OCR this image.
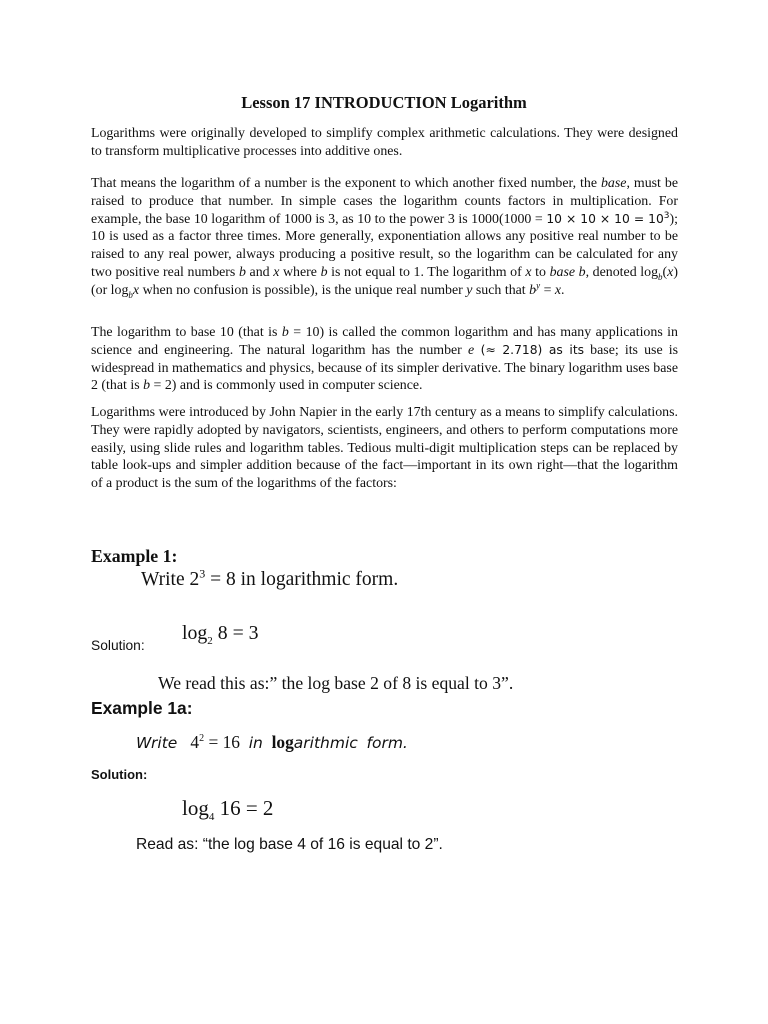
Lesson 17 INTRODUCTION Logarithm

Logarithms were originally developed to simplify complex arithmetic calculations. They were designed to transform multiplicative processes into additive ones.

That means the logarithm of a number is the exponent to which another fixed number, the base, must be raised to produce that number. In simple cases the logarithm counts factors in multiplication. For example, the base 10 logarithm of 1000 is 3, as 10 to the power 3 is $1000(1000 = 10 \times 10 \times 10 = 10^3)$; 10 is used as a factor three times. More generally, exponentiation allows any positive real number to be raised to any real power, always producing a positive result, so the logarithm can be calculated for any two positive real numbers b and x where b is not equal to 1. The logarithm of x to base b, denoted $\log_b(x)$ (or $\log_bx$ when no confusion is possible), is the unique real number y such that $b^y = x$.

The logarithm to base 10 (that is b = 10) is called the common logarithm and has many applications in science and engineering. The natural logarithm has the number e (≈ 2.718) as its base; its use is widespread in mathematics and physics, because of its simpler derivative. The binary logarithm uses base 2 (that is b = 2) and is commonly used in computer science.

Logarithms were introduced by John Napier in the early 17th century as a means to simplify calculations. They were rapidly adopted by navigators, scientists, engineers, and others to perform computations more easily, using slide rules and logarithm tables. Tedious multi-digit multiplication steps can be replaced by table look-ups and simpler addition because of the fact—important in its own right—that the logarithm of a product is the sum of the logarithms of the factors:

Example 1:

Write $2^3 = 8$ in logarithmic form.

Solution:

$\log_2 8 = 3$

We read this as:” the log base 2 of 8 is equal to 3”.

Example 1a:

Write $4^2 = 16$ in logarithmic form.

Solution:

$\log_4 16 = 2$

Read as: “the log base 4 of 16 is equal to 2”.
